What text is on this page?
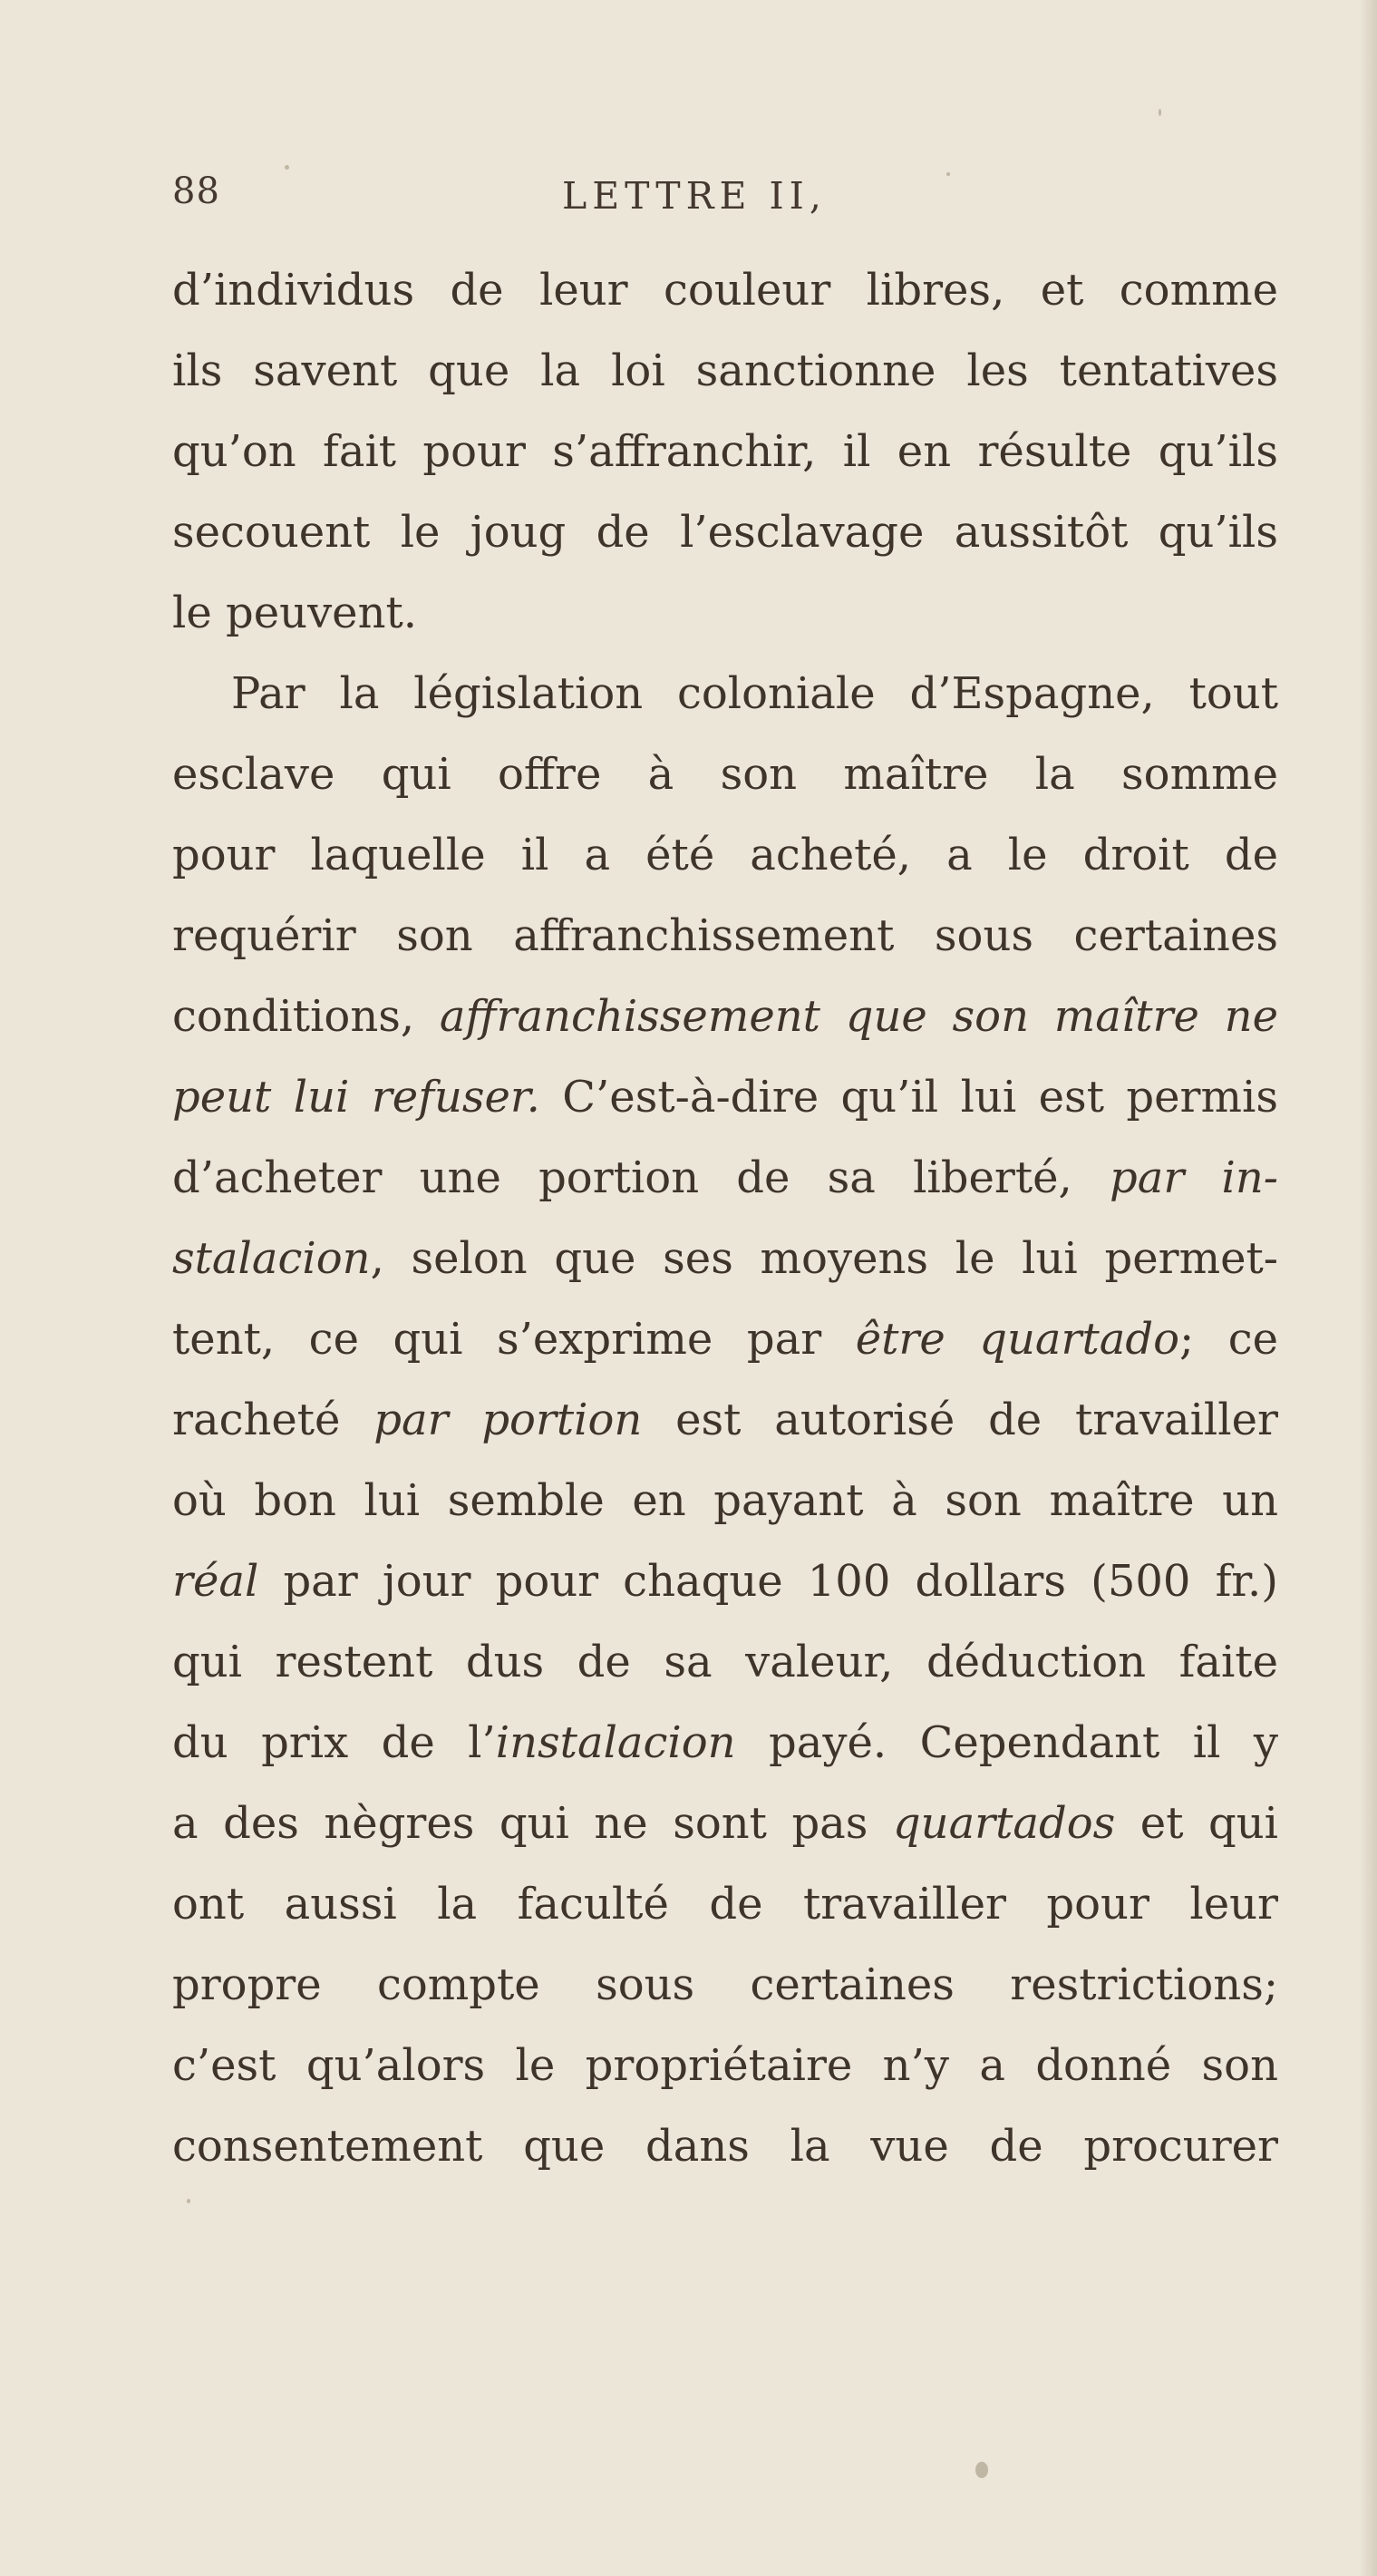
88	LETTRE II,
d’individus de leur couleur libres, et comme
ils savent que la loi sanctionne les tentatives
qu’on fait pour s’affranchir, il en résulte qu’ils
secouent le joug de l’esclavage aussitôt qu’ils
le peuvent.
Par la législation coloniale d’Espagne, tout
esclave qui offre à son maître la somme
pour laquelle il a été acheté, a le droit de
requérir son affranchissement sous certaines
conditions, affranchissement que son maître ne
peut lui refuser. C’est-à-dire qu’il lui est permis
d’acheter une portion de sa liberté, par in-
stalacion, selon que ses moyens le lui permet-
tent, ce qui s’exprime par être quartado; ce
racheté par portion est autorisé de travailler
où bon lui semble en payant à son maître un
réal par jour pour chaque 100 dollars (500 fr.)
qui restent dus de sa valeur, déduction faite
du prix de l’instalacion payé. Cependant il y
a des nègres qui ne sont pas quartados et qui
ont aussi la faculté de travailler pour leur
propre compte sous certaines restrictions;
c’est qu’alors le propriétaire n’y a donné son
consentement que dans la vue de procurer
